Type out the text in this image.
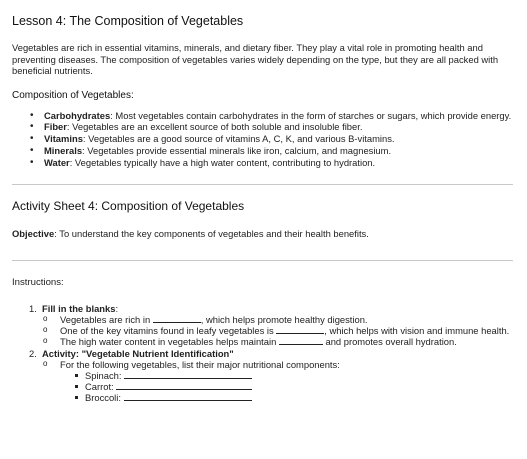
Lesson 4: The Composition of Vegetables

Vegetables are rich in essential vitamins, minerals, and dietary fiber. They play a vital role in promoting health and preventing diseases. The composition of vegetables varies widely depending on the type, but they are all packed with beneficial nutrients.

Composition of Vegetables:
• Carbohydrates: Most vegetables contain carbohydrates in the form of starches or sugars, which provide energy.
• Fiber: Vegetables are an excellent source of both soluble and insoluble fiber.
• Vitamins: Vegetables are a good source of vitamins A, C, K, and various B-vitamins.
• Minerals: Vegetables provide essential minerals like iron, calcium, and magnesium.
• Water: Vegetables typically have a high water content, contributing to hydration.
Activity Sheet 4: Composition of Vegetables
Objective: To understand the key components of vegetables and their health benefits.
Instructions:
1. Fill in the blanks:
o Vegetables are rich in	, which helps promote healthy digestion.
o One of the key vitamins found in leafy vegetables is	, which helps with vision and immune health.
o The high water content in vegetables helps maintain	and promotes overall hydration.
2. Activity: "Vegetable Nutrient Identification"
o For the following vegetables, list their major nutritional components:
Spinach:
Carrot:
Broccoli:
